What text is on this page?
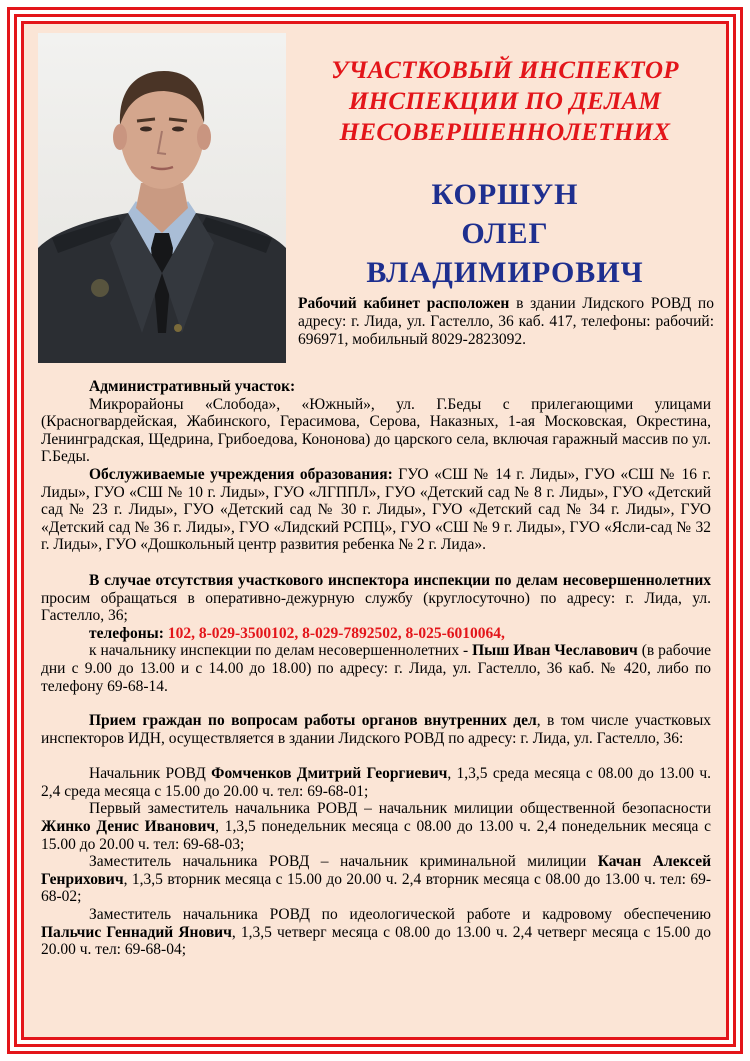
УЧАСТКОВЫЙ ИНСПЕКТОР
ИНСПЕКЦИИ ПО ДЕЛАМ
НЕСОВЕРШЕННОЛЕТНИХ
КОРШУН
ОЛЕГ
ВЛАДИМИРОВИЧ
Рабочий кабинет расположен в здании Лидского РОВД по адресу: г. Лида, ул. Гастелло, 36 каб. 417, телефоны: рабочий: 696971, мобильный 8029-2823092.

Административный участок:

Микрорайоны «Слобода», «Южный», ул. Г.Беды с прилегающими улицами (Красногвардейская, Жабинского, Герасимова, Серова, Наказных, 1-ая Московская, Окрестина, Ленинградская, Щедрина, Грибоедова, Кононова) до царского села, включая гаражный массив по ул. Г.Беды.

Обслуживаемые учреждения образования: ГУО «СШ № 14 г. Лиды», ГУО «СШ № 16 г. Лиды», ГУО «СШ № 10 г. Лиды», ГУО «ЛГППЛ», ГУО «Детский сад № 8 г. Лиды», ГУО «Детский сад № 23 г. Лиды», ГУО «Детский сад № 30 г. Лиды», ГУО «Детский сад № 34 г. Лиды», ГУО «Детский сад № 36 г. Лиды», ГУО «Лидский РСПЦ», ГУО «СШ № 9 г. Лиды», ГУО «Ясли-сад № 32 г. Лиды», ГУО «Дошкольный центр развития ребенка № 2 г. Лида».

В случае отсутствия участкового инспектора инспекции по делам несовершеннолетних просим обращаться в оперативно-дежурную службу (круглосуточно) по адресу: г. Лида, ул. Гастелло, 36;

телефоны: 102, 8-029-3500102, 8-029-7892502, 8-025-6010064,

к начальнику инспекции по делам несовершеннолетних - Пыш Иван Чеславович (в рабочие дни с 9.00 до 13.00 и с 14.00 до 18.00) по адресу: г. Лида, ул. Гастелло, 36 каб. № 420, либо по телефону 69-68-14.

Прием граждан по вопросам работы органов внутренних дел, в том числе участковых инспекторов ИДН, осуществляется в здании Лидского РОВД по адресу: г. Лида, ул. Гастелло, 36:

Начальник РОВД Фомченков Дмитрий Георгиевич, 1,3,5 среда месяца с 08.00 до 13.00 ч. 2,4 среда месяца с 15.00 до 20.00 ч. тел: 69-68-01;

Первый заместитель начальника РОВД – начальник милиции общественной безопасности Жинко Денис Иванович, 1,3,5 понедельник месяца с 08.00 до 13.00 ч. 2,4 понедельник месяца с 15.00 до 20.00 ч. тел: 69-68-03;

Заместитель начальника РОВД – начальник криминальной милиции Качан Алексей Генрихович, 1,3,5 вторник месяца с 15.00 до 20.00 ч. 2,4 вторник месяца с 08.00 до 13.00 ч. тел: 69-68-02;

Заместитель начальника РОВД по идеологической работе и кадровому обеспечению Пальчис Геннадий Янович, 1,3,5 четверг месяца с 08.00 до 13.00 ч. 2,4 четверг месяца с 15.00 до 20.00 ч. тел: 69-68-04;
